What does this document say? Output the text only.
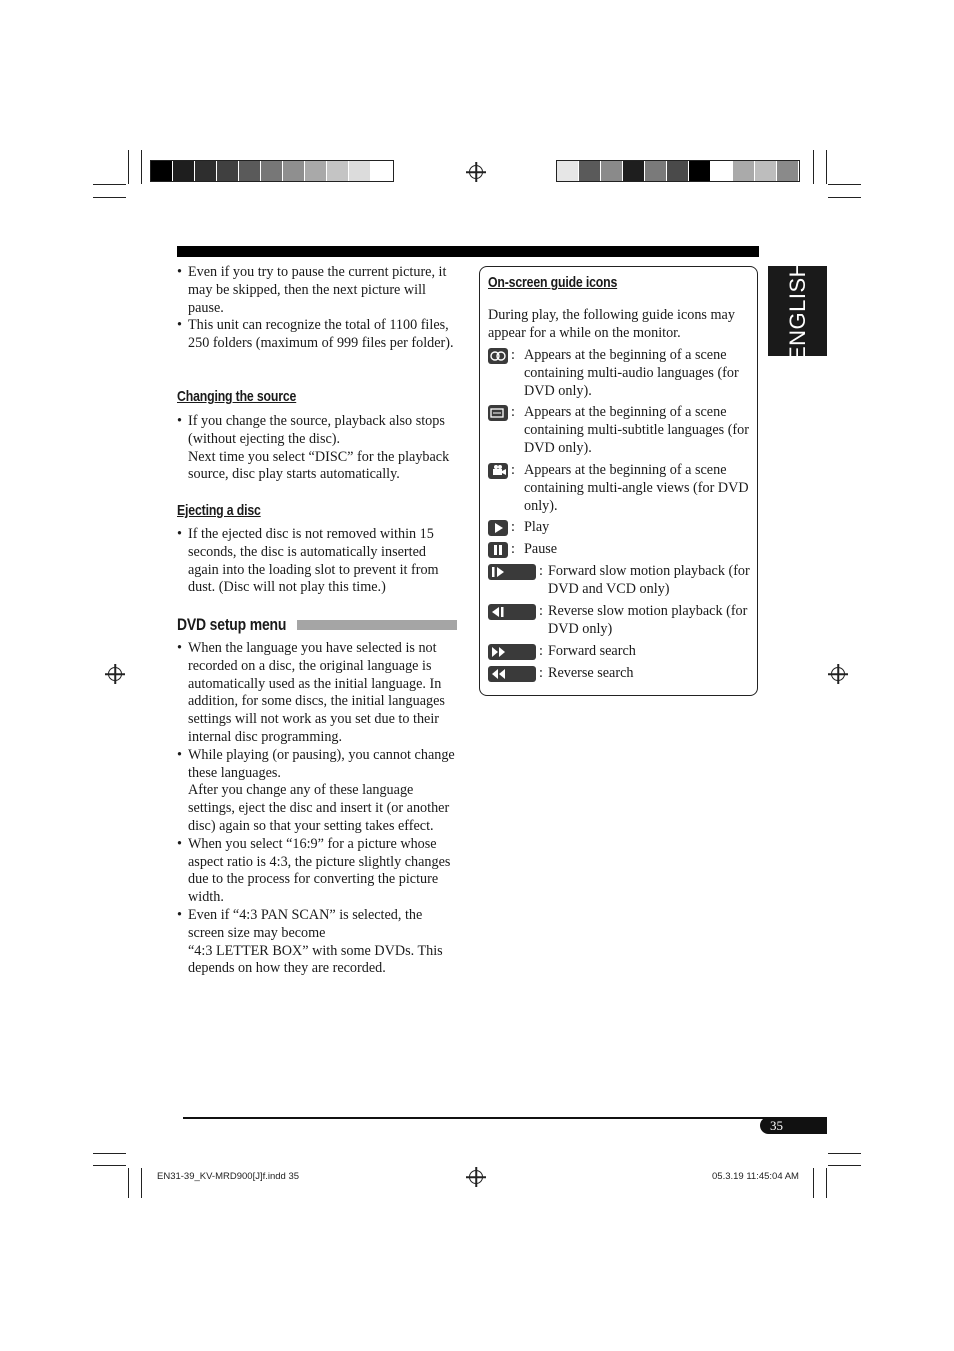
• Even if you try to pause the current picture, it may be skipped, then the next picture will pause.
• This unit can recognize the total of 1100 files, 250 folders (maximum of 999 files per folder).
Changing the source
• If you change the source, playback also stops (without ejecting the disc).
Next time you select “DISC” for the playback source, disc play starts automatically.
Ejecting a disc
• If the ejected disc is not removed within 15 seconds, the disc is automatically inserted again into the loading slot to prevent it from dust. (Disc will not play this time.)
DVD setup menu
• When the language you have selected is not recorded on a disc, the original language is automatically used as the initial language. In addition, for some discs, the initial languages settings will not work as you set due to their internal disc programming.
• While playing (or pausing), you cannot change these languages.
After you change any of these language settings, eject the disc and insert it (or another disc) again so that your setting takes effect.
• When you select “16:9” for a picture whose aspect ratio is 4:3, the picture slightly changes due to the process for converting the picture width.
• Even if “4:3 PAN SCAN” is selected, the screen size may become
“4:3 LETTER BOX” with some DVDs. This depends on how they are recorded.
On-screen guide icons
During play, the following guide icons may appear for a while on the monitor.
: Appears at the beginning of a scene containing multi-audio languages (for DVD only).
: Appears at the beginning of a scene containing multi-subtitle languages (for DVD only).
: Appears at the beginning of a scene containing multi-angle views (for DVD only).
: Play
: Pause
: Forward slow motion playback (for DVD and VCD only)
: Reverse slow motion playback (for DVD only)
: Forward search
: Reverse search
ENGLISH
35
EN31-39_KV-MRD900[J]f.indd 35	05.3.19 11:45:04 AM
